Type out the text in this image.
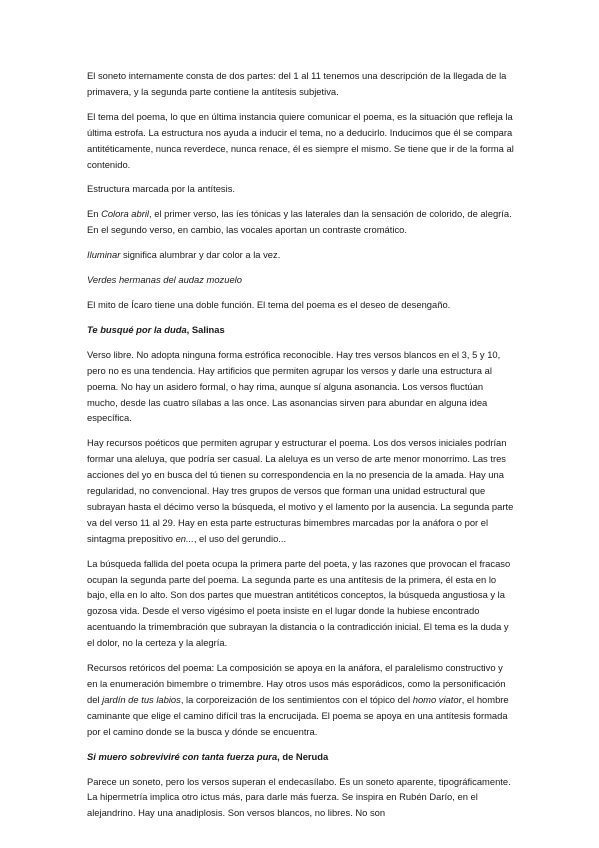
El soneto internamente consta de dos partes: del 1 al 11 tenemos una descripción de la llegada de la primavera, y la segunda parte contiene la antítesis subjetiva.

El tema del poema, lo que en última instancia quiere comunicar el poema, es la situación que refleja la última estrofa. La estructura nos ayuda a inducir el tema, no a deducirlo. Inducimos que él se compara antitéticamente, nunca reverdece, nunca renace, él es siempre el mismo. Se tiene que ir de la forma al contenido.

Estructura marcada por la antítesis.

En Colora abril, el primer verso, las íes tónicas y las laterales dan la sensación de colorido, de alegría. En el segundo verso, en cambio, las vocales aportan un contraste cromático.

Iluminar significa alumbrar y dar color a la vez.

Verdes hermanas del audaz mozuelo

El mito de Ícaro tiene una doble función. El tema del poema es el deseo de desengaño.

Te busqué por la duda, Salinas

Verso libre. No adopta ninguna forma estrófica reconocible. Hay tres versos blancos en el 3, 5 y 10, pero no es una tendencia. Hay artificios que permiten agrupar los versos y darle una estructura al poema. No hay un asidero formal, o hay rima, aunque sí alguna asonancia. Los versos fluctúan mucho, desde las cuatro sílabas a las once. Las asonancias sirven para abundar en alguna idea específica.

Hay recursos poéticos que permiten agrupar y estructurar el poema. Los dos versos iniciales podrían formar una aleluya, que podría ser casual. La aleluya es un verso de arte menor monorrimo. Las tres acciones del yo en busca del tú tienen su correspondencia en la no presencia de la amada. Hay una regularidad, no convencional. Hay tres grupos de versos que forman una unidad estructural que subrayan hasta el décimo verso la búsqueda, el motivo y el lamento por la ausencia. La segunda parte va del verso 11 al 29. Hay en esta parte estructuras bimembres marcadas por la anáfora o por el sintagma prepositivo en..., el uso del gerundio...

La búsqueda fallida del poeta ocupa la primera parte del poeta, y las razones que provocan el fracaso ocupan la segunda parte del poema. La segunda parte es una antítesis de la primera, él esta en lo bajo, ella en lo alto. Son dos partes que muestran antitéticos conceptos, la búsqueda angustiosa y la gozosa vida. Desde el verso vigésimo el poeta insiste en el lugar donde la hubiese encontrado acentuando la trimembración que subrayan la distancia o la contradicción inicial. El tema es la duda y el dolor, no la certeza y la alegría.

Recursos retóricos del poema: La composición se apoya en la anáfora, el paralelismo constructivo y en la enumeración bimembre o trimembre. Hay otros usos más esporádicos, como la personificación del jardín de tus labios, la corporeización de los sentimientos con el tópico del homo viator, el hombre caminante que elige el camino difícil tras la encrucijada. El poema se apoya en una antítesis formada por el camino donde se la busca y dónde se encuentra.

Si muero sobreviviré con tanta fuerza pura, de Neruda

Parece un soneto, pero los versos superan el endecasílabo. Es un soneto aparente, tipográficamente. La hipermetría implica otro ictus más, para darle más fuerza. Se inspira en Rubén Darío, en el alejandrino. Hay una anadiplosis. Son versos blancos, no libres. No son
